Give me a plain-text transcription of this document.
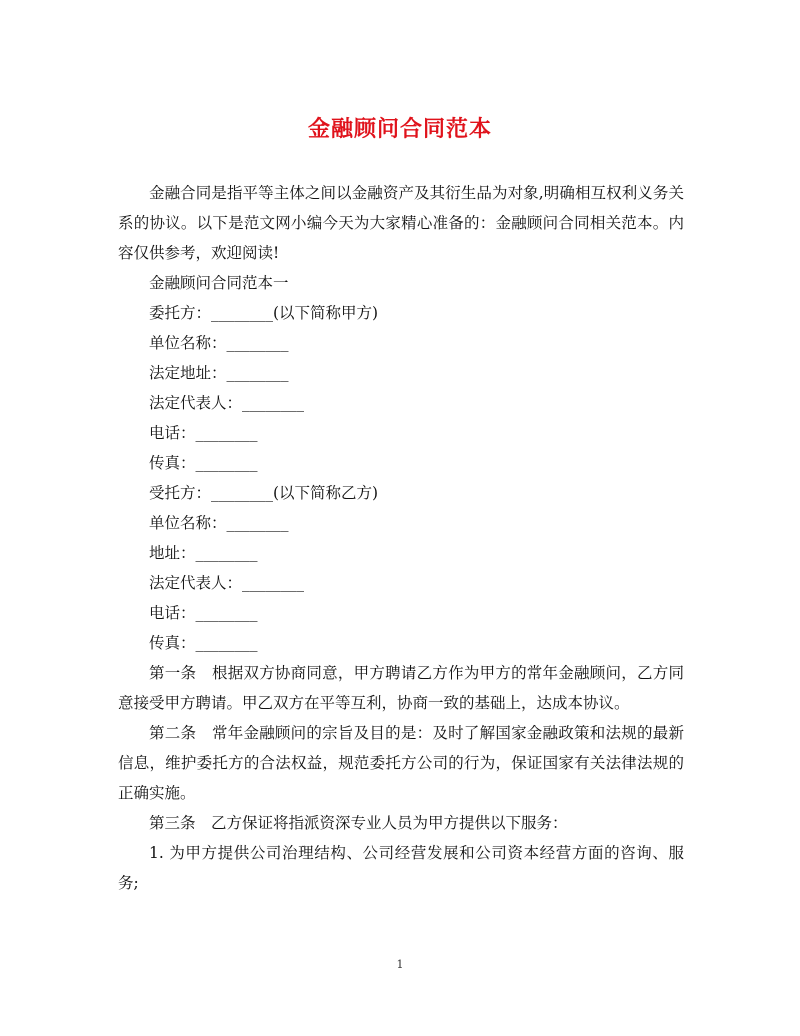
金融顾问合同范本

金融合同是指平等主体之间以金融资产及其衍生品为对象,明确相互权利义务关系的协议。以下是范文网小编今天为大家精心准备的：金融顾问合同相关范本。内容仅供参考，欢迎阅读!

金融顾问合同范本一

委托方：________(以下简称甲方)

单位名称：________

法定地址：________

法定代表人：________

电话：________

传真：________

受托方：________(以下简称乙方)

单位名称：________

地址：________

法定代表人：________

电话：________

传真：________

第一条　根据双方协商同意，甲方聘请乙方作为甲方的常年金融顾问，乙方同意接受甲方聘请。甲乙双方在平等互利，协商一致的基础上，达成本协议。

第二条　常年金融顾问的宗旨及目的是：及时了解国家金融政策和法规的最新信息，维护委托方的合法权益，规范委托方公司的行为，保证国家有关法律法规的正确实施。

第三条　乙方保证将指派资深专业人员为甲方提供以下服务：

1. 为甲方提供公司治理结构、公司经营发展和公司资本经营方面的咨询、服务;

1
